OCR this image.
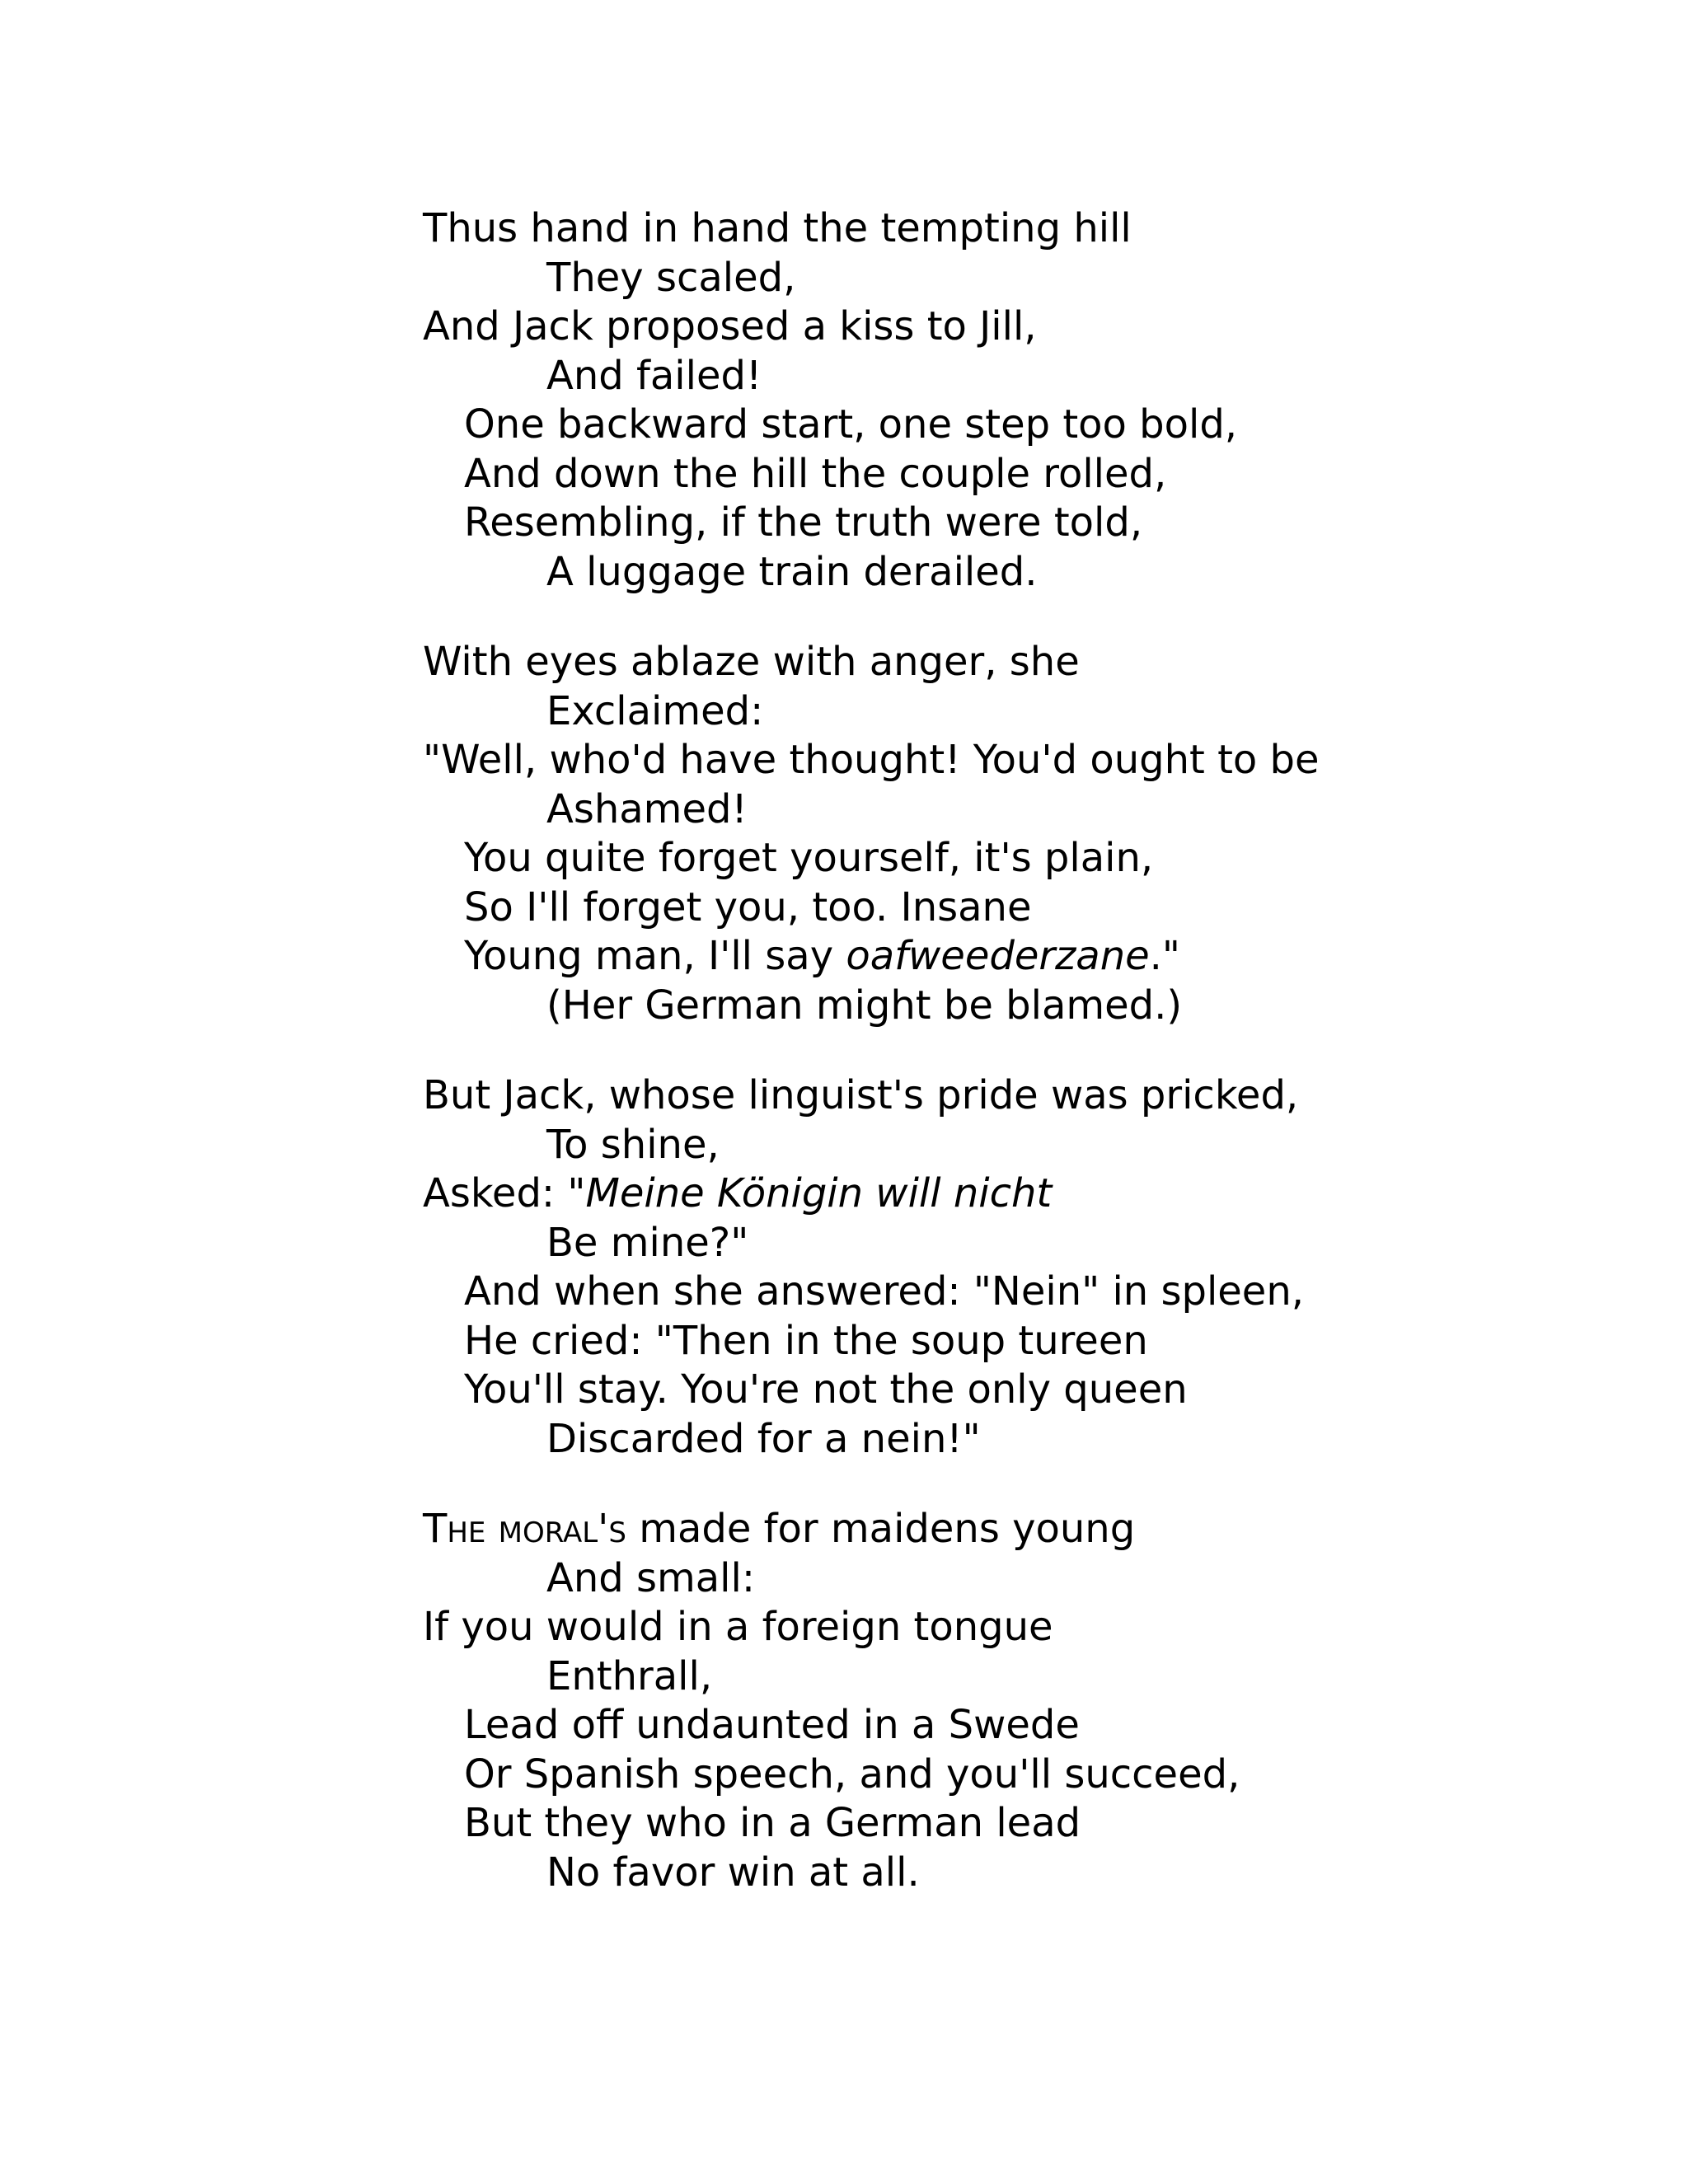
Thus hand in hand the tempting hill
They scaled,
And Jack proposed a kiss to Jill,
And failed!
One backward start, one step too bold,
And down the hill the couple rolled,
Resembling, if the truth were told,
A luggage train derailed.
With eyes ablaze with anger, she
Exclaimed:
"Well, who'd have thought! You'd ought to be
Ashamed!
You quite forget yourself, it's plain,
So I'll forget you, too. Insane
Young man, I'll say oafweederzane."
(Her German might be blamed.)
But Jack, whose linguist's pride was pricked,
To shine,
Asked: "Meine Königin will nicht
Be mine?"
And when she answered: "Nein" in spleen,
He cried: "Then in the soup tureen
You'll stay. You're not the only queen
Discarded for a nein!"
The moral's made for maidens young
And small:
If you would in a foreign tongue
Enthrall,
Lead off undaunted in a Swede
Or Spanish speech, and you'll succeed,
But they who in a German lead
No favor win at all.
